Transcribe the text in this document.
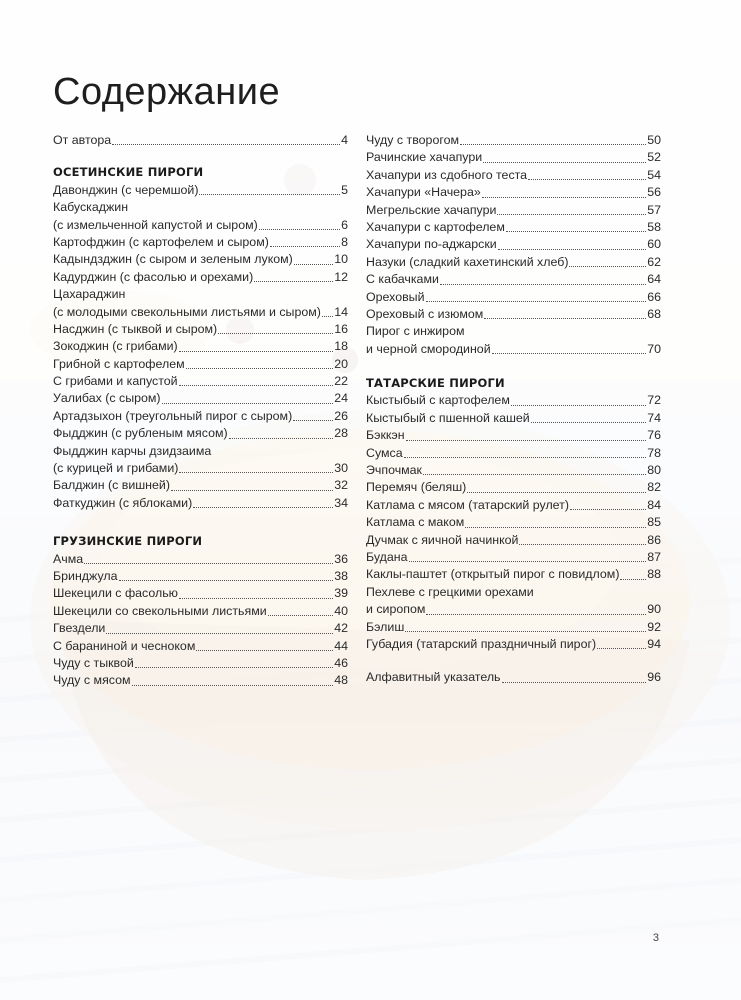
Содержание
От автора	4
ОСЕТИНСКИЕ ПИРОГИ
Давонджин (с черемшой)	5
Кабускаджин
(с измельченной капустой и сыром)	6
Картофджин (с картофелем и сыром)	8
Кадындзджин (с сыром и зеленым луком)	10
Кадурджин (с фасолью и орехами)	12
Цахараджин
(с молодыми свекольными листьями и сыром) 14
Насджин (с тыквой и сыром)	16
Зокоджин (с грибами)	18
Грибной с картофелем	20
С грибами и капустой	22
Уалибах (с сыром)	24
Артадзыхон (треугольный пирог с сыром)	26
Фыдджин (с рубленым мясом)	28
Фыдджин карчы дзидзаима
(с курицей и грибами)	30
Балджин (с вишней)	32
Фаткуджин (с яблоками)	34
ГРУЗИНСКИЕ ПИРОГИ
Ачма	36
Бринджула	38
Шекецили с фасолью	39
Шекецили со свекольными листьями	40
Гвездели	42
С бараниной и чесноком	44
Чуду с тыквой	46
Чуду с мясом	48
Чуду с творогом	50
Рачинские хачапури	52
Хачапури из сдобного теста	54
Хачапури «Начера»	56
Мегрельские хачапури	57
Хачапури с картофелем	58
Хачапури по-аджарски	60
Назуки (сладкий кахетинский хлеб)	62
С кабачками	64
Ореховый	66
Ореховый с изюмом	68
Пирог с инжиром
и черной смородиной	70
ТАТАРСКИЕ ПИРОГИ
Кыстыбый с картофелем	72
Кыстыбый с пшенной кашей	74
Бэккэн	76
Сумса	78
Эчпочмак	80
Перемяч (беляш)	82
Катлама с мясом (татарский рулет)	84
Катлама с маком	85
Дучмак с яичной начинкой	86
Будана	87
Каклы-паштет (открытый пирог с повидлом) 88
Пехлеве с грецкими орехами
и сиропом	90
Бэлиш	92
Губадия (татарский праздничный пирог)	94
Алфавитный указатель	96
3
